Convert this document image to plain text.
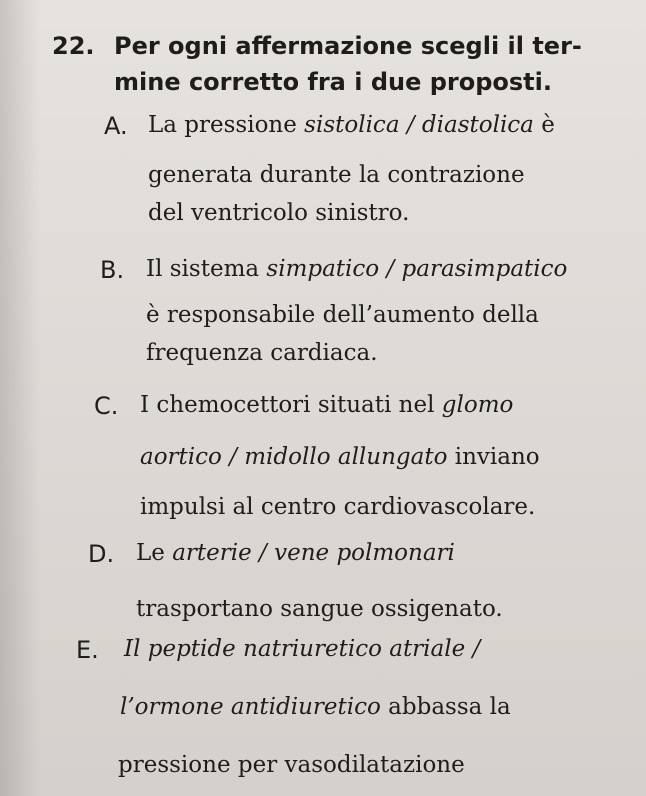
22. Per ogni affermazione scegli il ter-
mine corretto fra i due proposti.
A. La pressione sistolica / diastolica è
generata durante la contrazione
del ventricolo sinistro.
B. Il sistema simpatico / parasimpatico
è responsabile dell’aumento della
frequenza cardiaca.
C. I chemocettori situati nel glomo
aortico / midollo allungato inviano
impulsi al centro cardiovascolare.
D. Le arterie / vene polmonari
trasportano sangue ossigenato.
E. Il peptide natriuretico atriale /
l’ormone antidiuretico abbassa la
pressione per vasodilatazione
